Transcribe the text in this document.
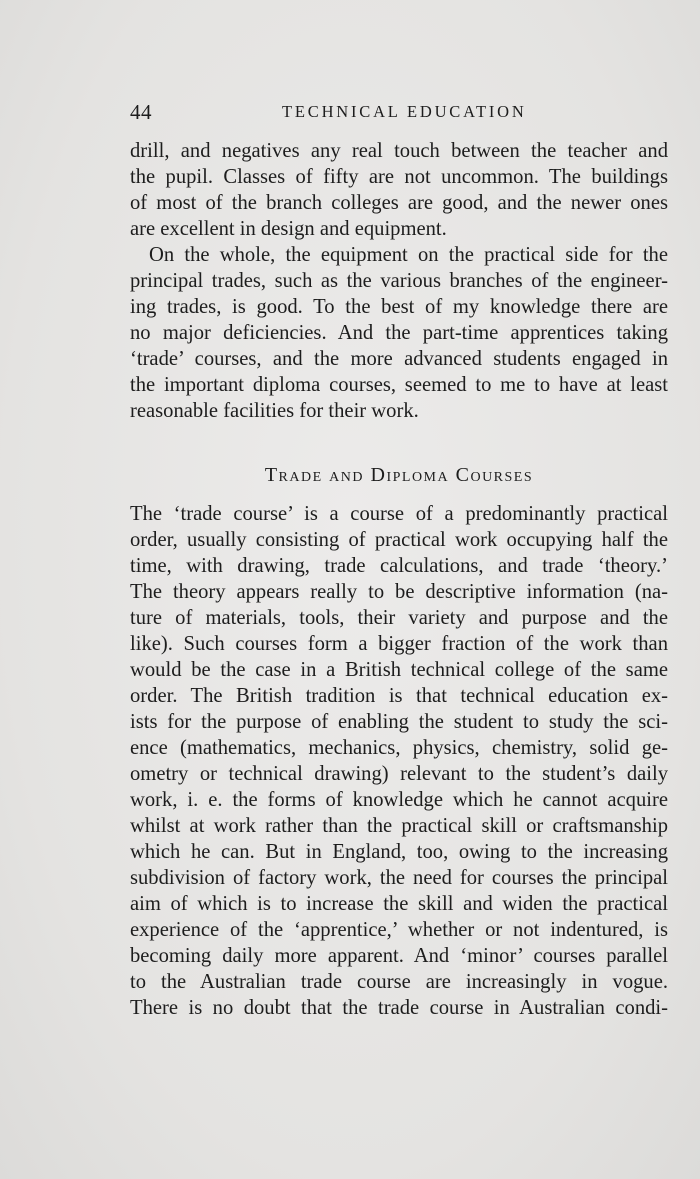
44	TECHNICAL EDUCATION
drill, and negatives any real touch between the teacher and
the pupil. Classes of fifty are not uncommon. The buildings
of most of the branch colleges are good, and the newer ones
are excellent in design and equipment.
On the whole, the equipment on the practical side for the
principal trades, such as the various branches of the engineer-
ing trades, is good. To the best of my knowledge there are
no major deficiencies. And the part-time apprentices taking
‘trade’ courses, and the more advanced students engaged in
the important diploma courses, seemed to me to have at least
reasonable facilities for their work.
Trade and Diploma Courses
The ‘trade course’ is a course of a predominantly practical
order, usually consisting of practical work occupying half the
time, with drawing, trade calculations, and trade ‘theory.’
The theory appears really to be descriptive information (na-
ture of materials, tools, their variety and purpose and the
like). Such courses form a bigger fraction of the work than
would be the case in a British technical college of the same
order. The British tradition is that technical education ex-
ists for the purpose of enabling the student to study the sci-
ence (mathematics, mechanics, physics, chemistry, solid ge-
ometry or technical drawing) relevant to the student’s daily
work, i. e. the forms of knowledge which he cannot acquire
whilst at work rather than the practical skill or craftsmanship
which he can. But in England, too, owing to the increasing
subdivision of factory work, the need for courses the principal
aim of which is to increase the skill and widen the practical
experience of the ‘apprentice,’ whether or not indentured, is
becoming daily more apparent. And ‘minor’ courses parallel
to the Australian trade course are increasingly in vogue.
There is no doubt that the trade course in Australian condi-
